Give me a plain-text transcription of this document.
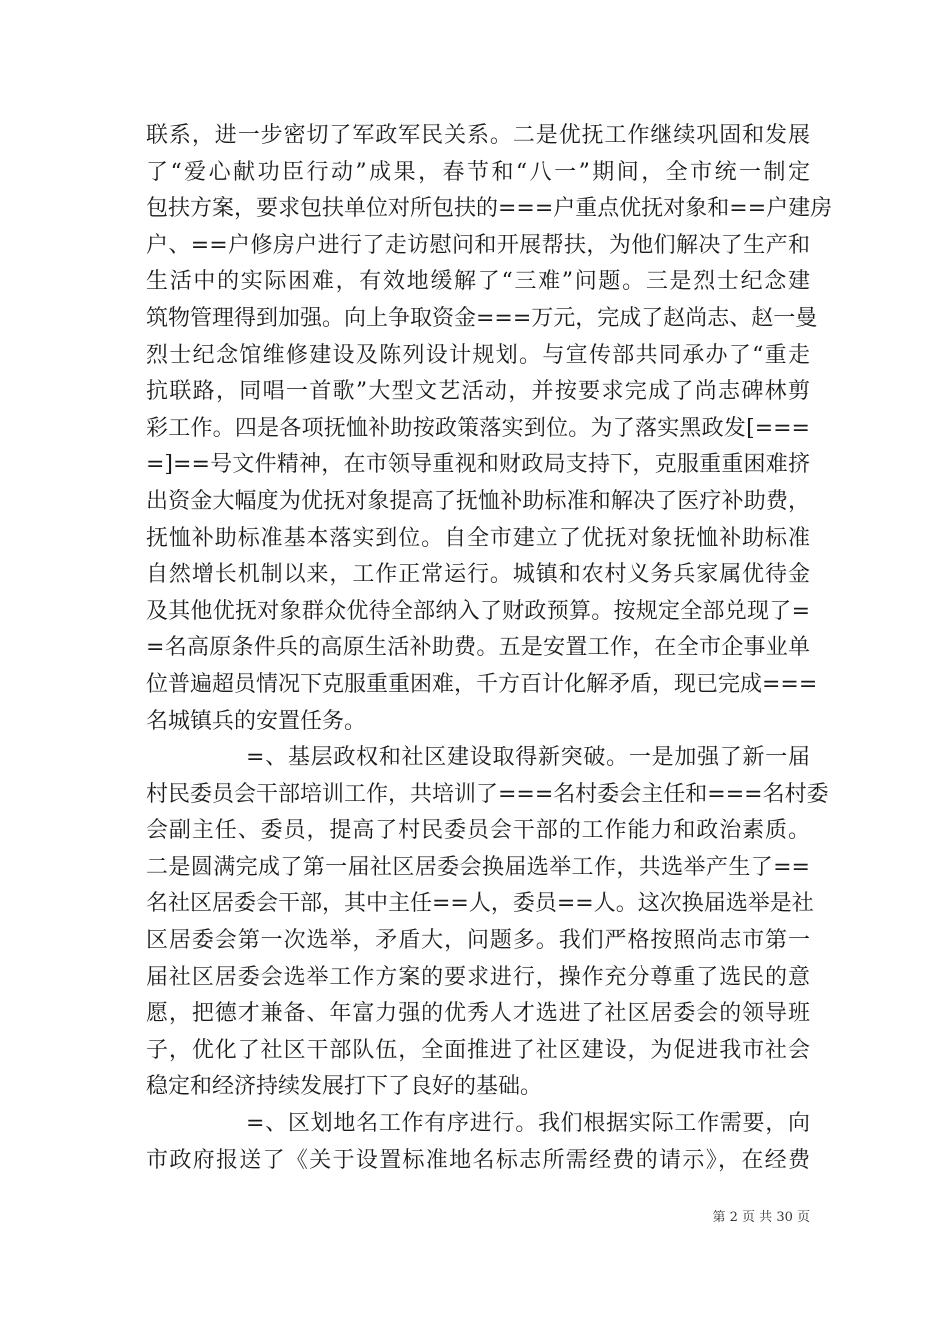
联系，进一步密切了军政军民关系。二是优抚工作继续巩固和发展
了“爱心献功臣行动”成果，春节和“八一”期间，全市统一制定
包扶方案，要求包扶单位对所包扶的===户重点优抚对象和==户建房
户、==户修房户进行了走访慰问和开展帮扶，为他们解决了生产和
生活中的实际困难，有效地缓解了“三难”问题。三是烈士纪念建
筑物管理得到加强。向上争取资金===万元，完成了赵尚志、赵一曼
烈士纪念馆维修建设及陈列设计规划。与宣传部共同承办了“重走
抗联路，同唱一首歌”大型文艺活动，并按要求完成了尚志碑林剪
彩工作。四是各项抚恤补助按政策落实到位。为了落实黑政发[===
=]==号文件精神，在市领导重视和财政局支持下，克服重重困难挤
出资金大幅度为优抚对象提高了抚恤补助标准和解决了医疗补助费，
抚恤补助标准基本落实到位。自全市建立了优抚对象抚恤补助标准
自然增长机制以来，工作正常运行。城镇和农村义务兵家属优待金
及其他优抚对象群众优待全部纳入了财政预算。按规定全部兑现了=
=名高原条件兵的高原生活补助费。五是安置工作，在全市企事业单
位普遍超员情况下克服重重困难，千方百计化解矛盾，现已完成===
名城镇兵的安置任务。
=、基层政权和社区建设取得新突破。一是加强了新一届
村民委员会干部培训工作，共培训了===名村委会主任和===名村委
会副主任、委员，提高了村民委员会干部的工作能力和政治素质。
二是圆满完成了第一届社区居委会换届选举工作，共选举产生了==
名社区居委会干部，其中主任==人，委员==人。这次换届选举是社
区居委会第一次选举，矛盾大，问题多。我们严格按照尚志市第一
届社区居委会选举工作方案的要求进行，操作充分尊重了选民的意
愿，把德才兼备、年富力强的优秀人才选进了社区居委会的领导班
子，优化了社区干部队伍，全面推进了社区建设，为促进我市社会
稳定和经济持续发展打下了良好的基础。
=、区划地名工作有序进行。我们根据实际工作需要，向
市政府报送了《关于设置标准地名标志所需经费的请示》，在经费
第 2 页 共 30 页
